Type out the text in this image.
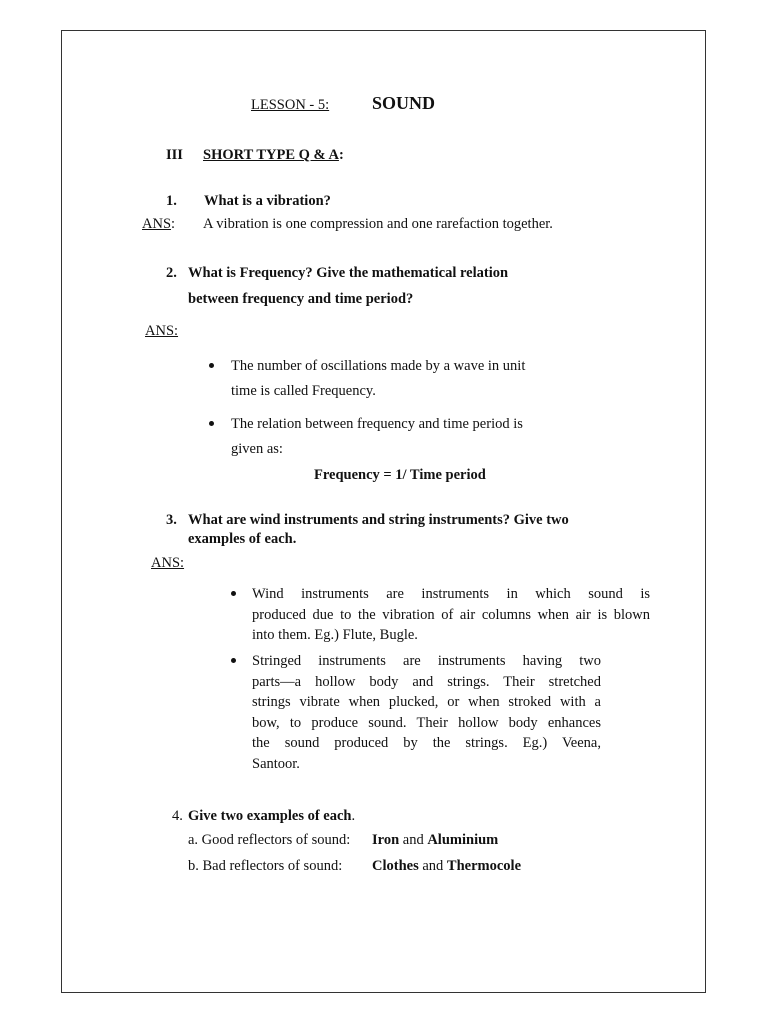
LESSON - 5: SOUND
III SHORT TYPE Q & A:
1. What is a vibration?
ANS: A vibration is one compression and one rarefaction together.
2. What is Frequency? Give the mathematical relation
between frequency and time period?
ANS:
The number of oscillations made by a wave in unit
time is called Frequency.
The relation between frequency and time period is
given as:
Frequency = 1/ Time period
3. What are wind instruments and string instruments? Give two
examples of each.
ANS:
Wind instruments are instruments in which sound is
produced due to the vibration of air columns when air is blown
into them. Eg.) Flute, Bugle.
Stringed instruments are instruments having two
parts—a hollow body and strings. Their stretched
strings vibrate when plucked, or when stroked with a
bow, to produce sound. Their hollow body enhances
the sound produced by the strings. Eg.) Veena,
Santoor.
4. Give two examples of each.
a. Good reflectors of sound: Iron and Aluminium
b. Bad reflectors of sound: Clothes and Thermocole
